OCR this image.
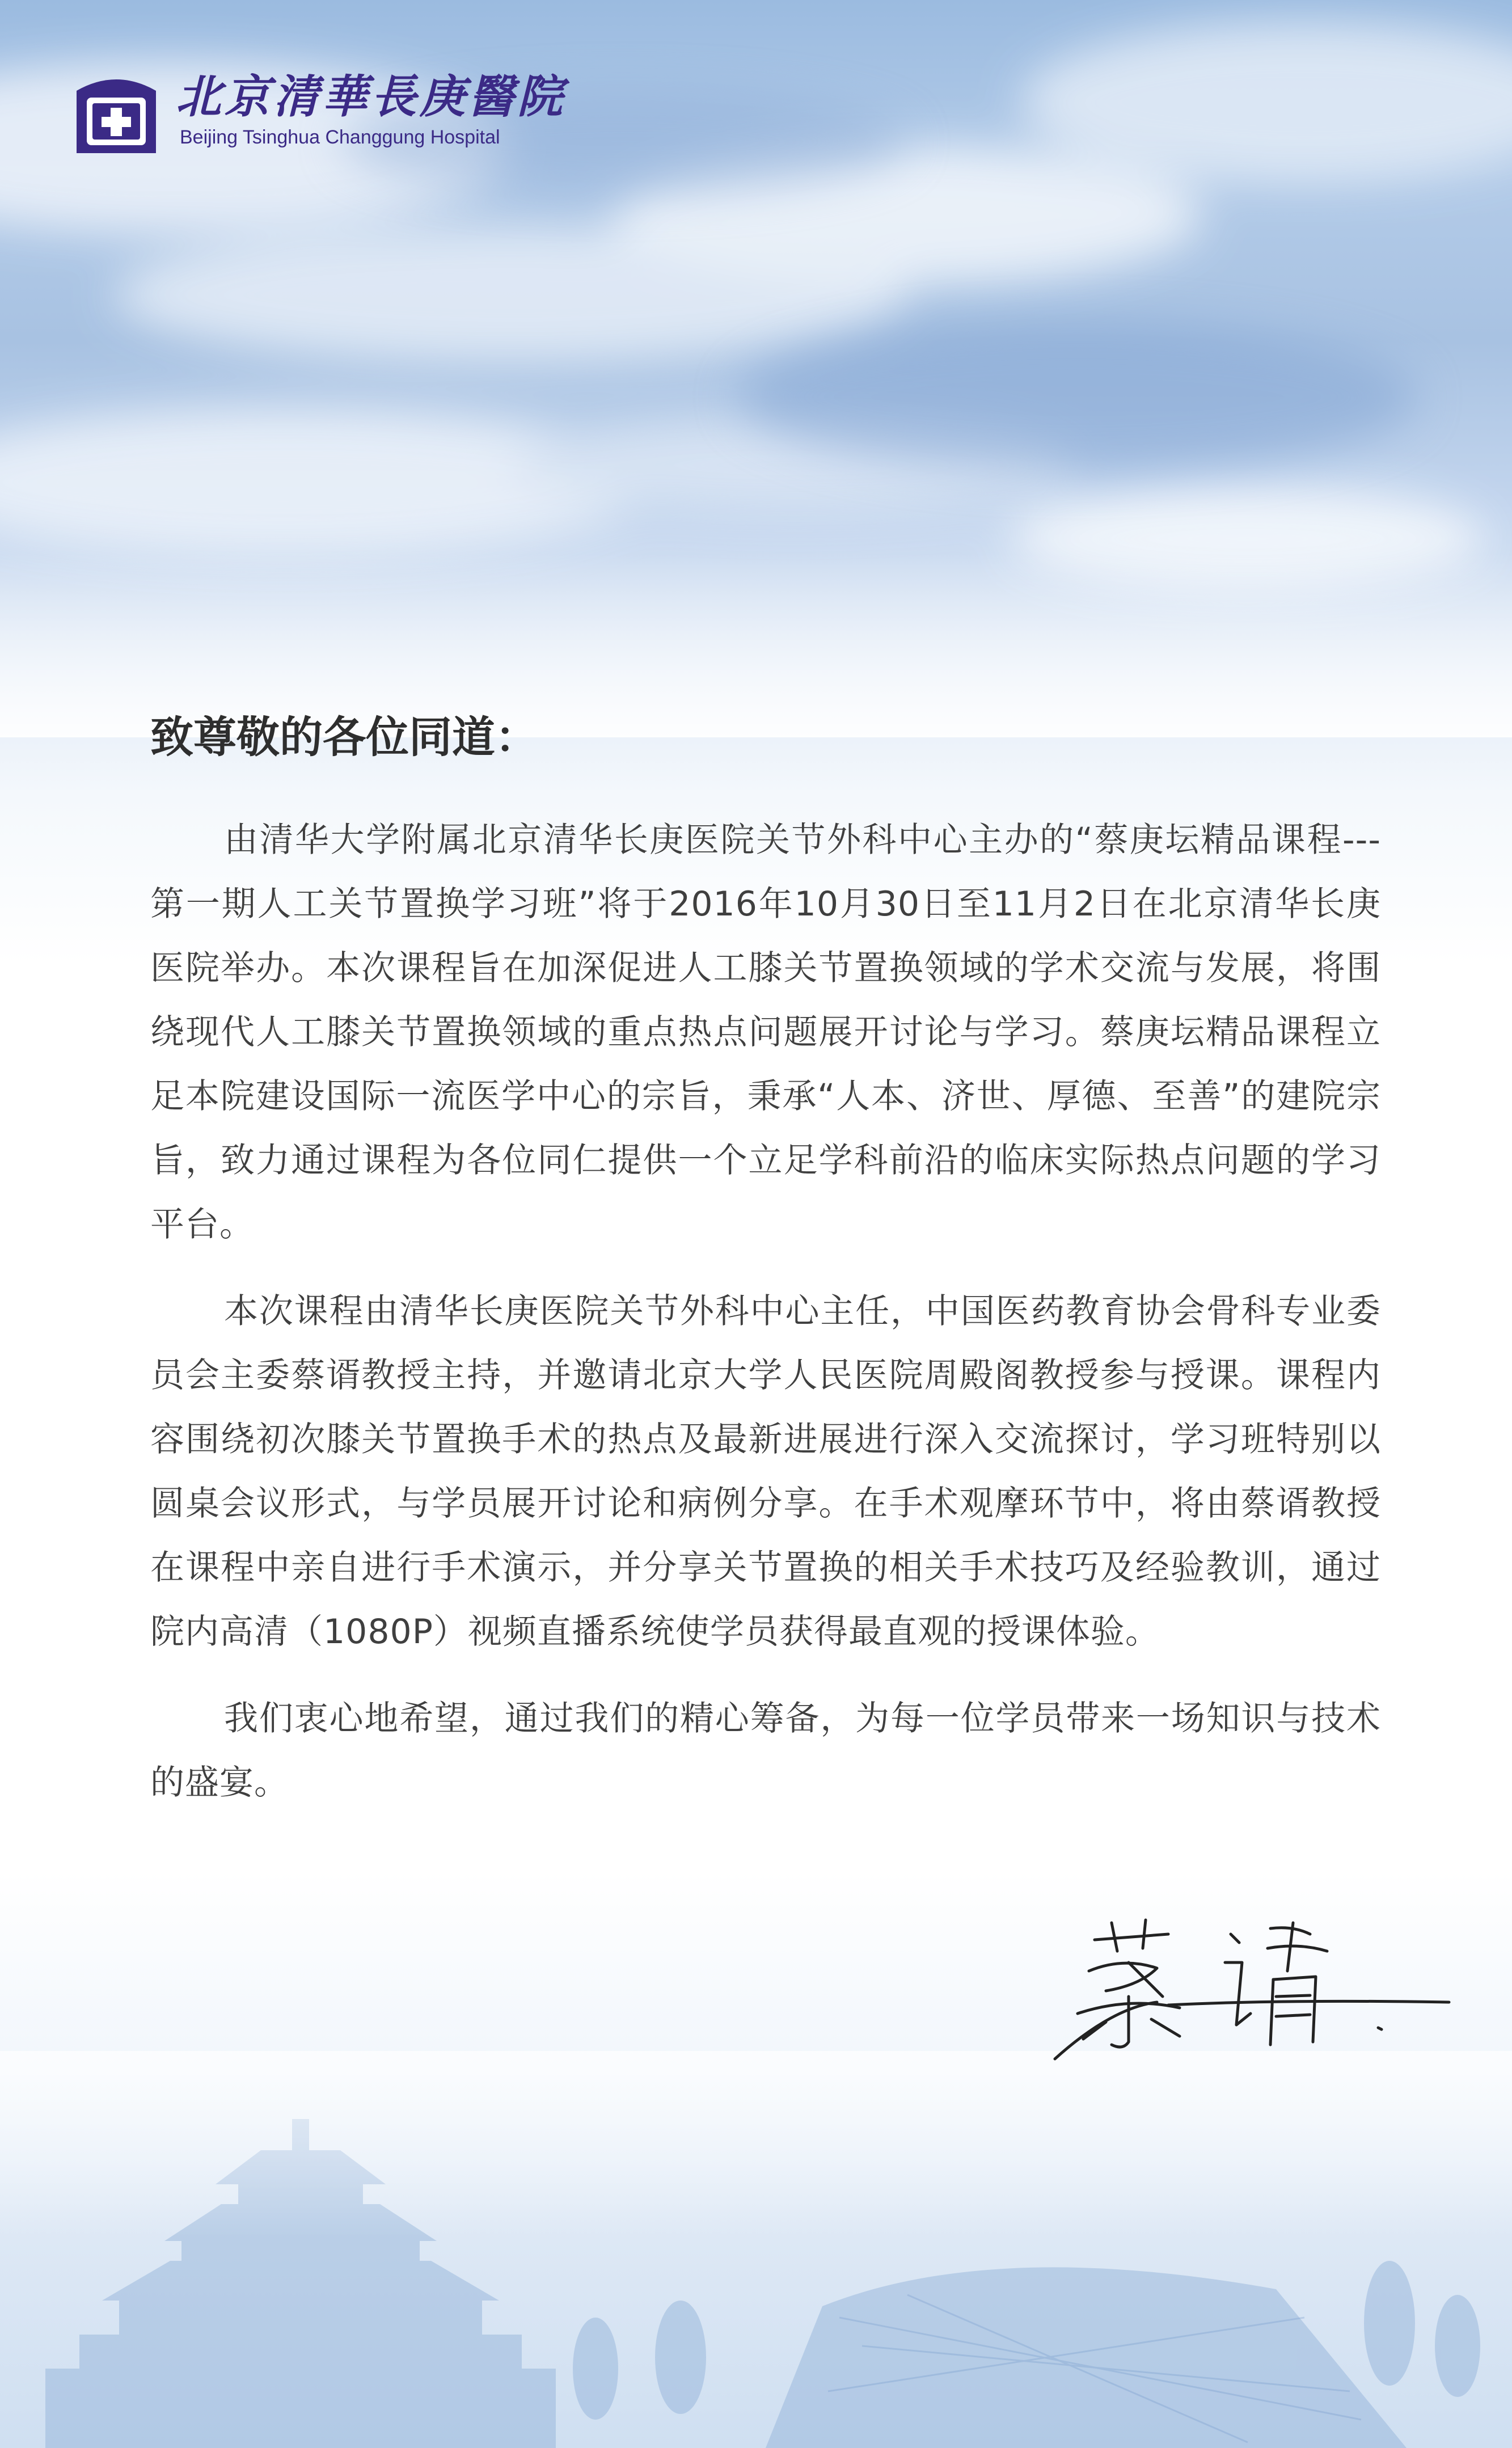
北京清華長庚醫院
Beijing Tsinghua Changgung Hospital
致尊敬的各位同道：

由清华大学附属北京清华长庚医院关节外科中心主办的“蔡庚坛精品课程---第一期人工关节置换学习班”将于2016年10月30日至11月2日在北京清华长庚医院举办。本次课程旨在加深促进人工膝关节置换领域的学术交流与发展，将围绕现代人工膝关节置换领域的重点热点问题展开讨论与学习。蔡庚坛精品课程立足本院建设国际一流医学中心的宗旨，秉承“人本、济世、厚德、至善”的建院宗旨，致力通过课程为各位同仁提供一个立足学科前沿的临床实际热点问题的学习平台。

本次课程由清华长庚医院关节外科中心主任，中国医药教育协会骨科专业委员会主委蔡谞教授主持，并邀请北京大学人民医院周殿阁教授参与授课。课程内容围绕初次膝关节置换手术的热点及最新进展进行深入交流探讨，学习班特别以圆桌会议形式，与学员展开讨论和病例分享。在手术观摩环节中，将由蔡谞教授在课程中亲自进行手术演示，并分享关节置换的相关手术技巧及经验教训，通过院内高清（1080P）视频直播系统使学员获得最直观的授课体验。

我们衷心地希望，通过我们的精心筹备，为每一位学员带来一场知识与技术的盛宴。
